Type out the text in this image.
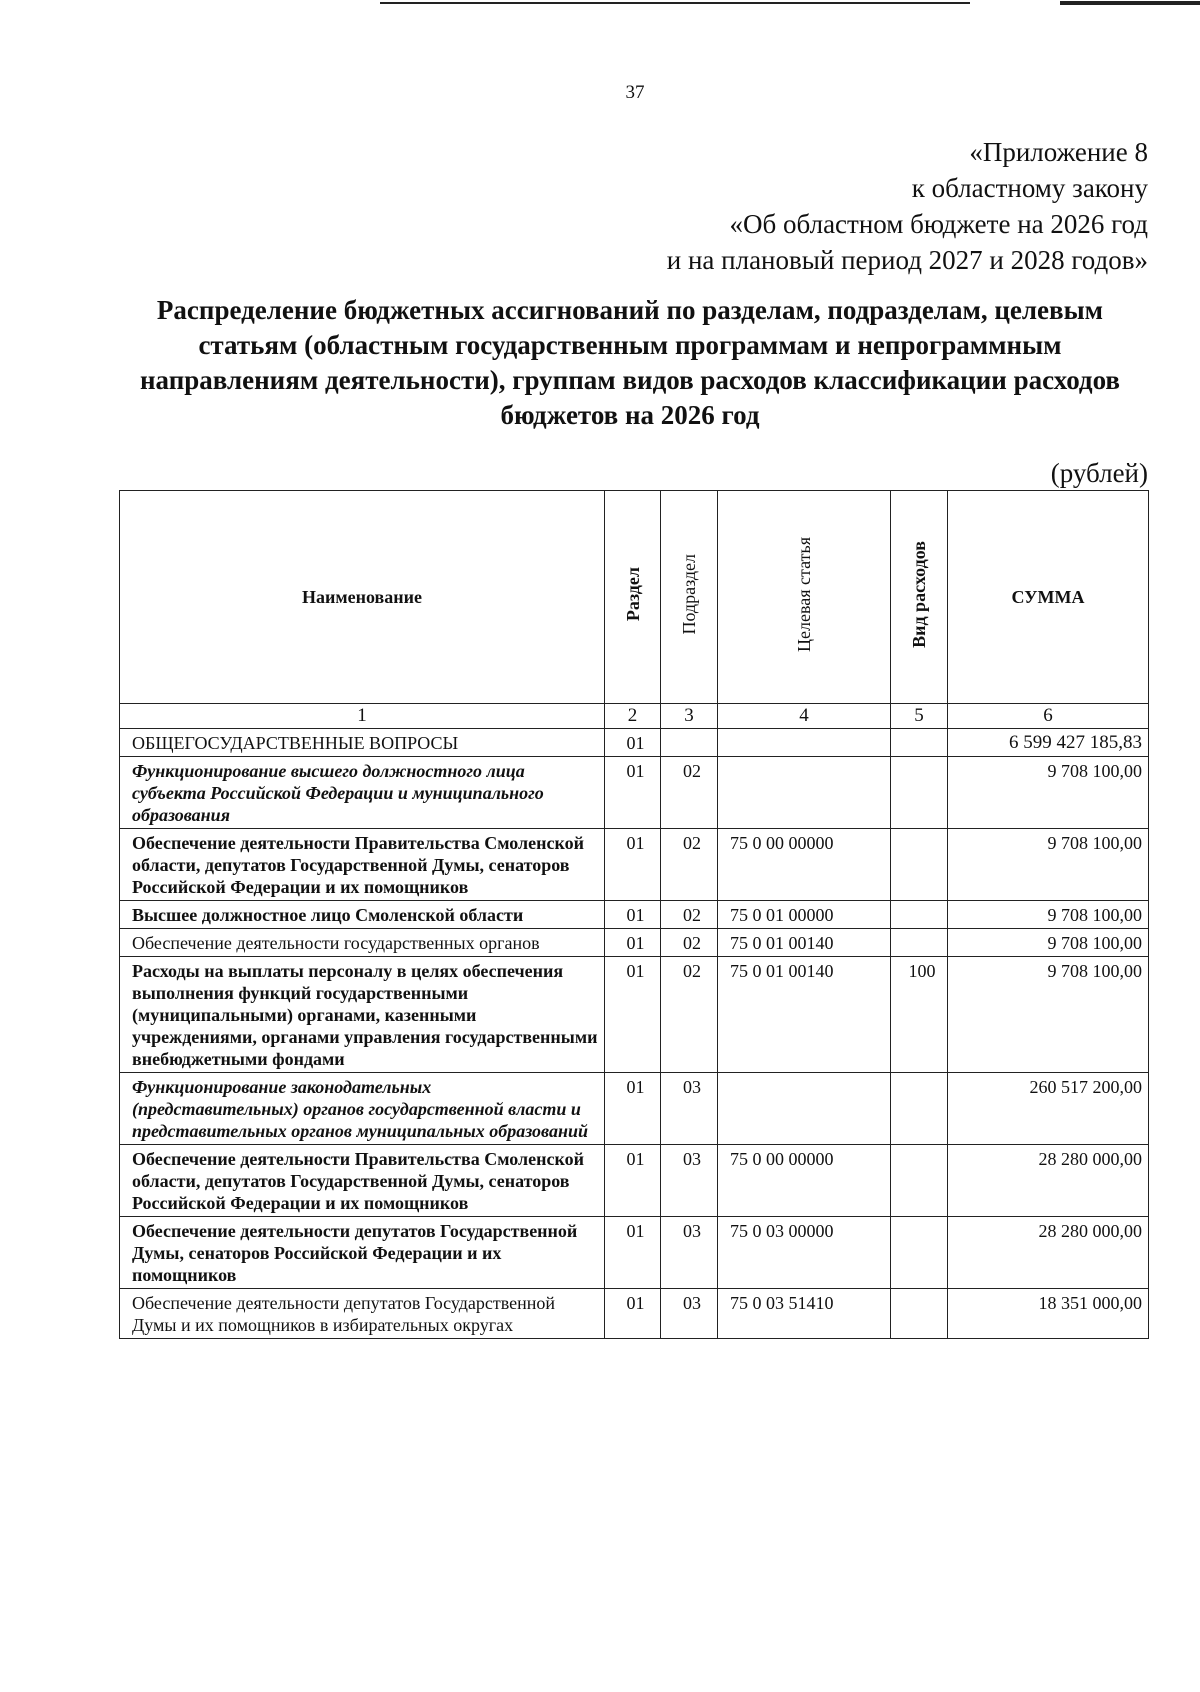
37
«Приложение 8
к областному закону
«Об областном бюджете на 2026 год
и на плановый период 2027 и 2028 годов»
Распределение бюджетных ассигнований по разделам, подразделам, целевым статьям (областным государственным программам и непрограммным направлениям деятельности), группам видов расходов классификации расходов бюджетов на 2026 год
(рублей)
Наименование	Раздел	Подраздел	Целевая статья	Вид расходов	СУММА
1	2	3	4	5	6
ОБЩЕГОСУДАРСТВЕННЫЕ ВОПРОСЫ	01				6 599 427 185,83
Функционирование высшего должностного лица субъекта Российской Федерации и муниципального образования	01	02			9 708 100,00
Обеспечение деятельности Правительства Смоленской области, депутатов Государственной Думы, сенаторов Российской Федерации и их помощников	01	02	75 0 00 00000		9 708 100,00
Высшее должностное лицо Смоленской области	01	02	75 0 01 00000		9 708 100,00
Обеспечение деятельности государственных органов	01	02	75 0 01 00140		9 708 100,00
Расходы на выплаты персоналу в целях обеспечения выполнения функций государственными (муниципальными) органами, казенными учреждениями, органами управления государственными внебюджетными фондами	01	02	75 0 01 00140	100	9 708 100,00
Функционирование законодательных (представительных) органов государственной власти и представительных органов муниципальных образований	01	03			260 517 200,00
Обеспечение деятельности Правительства Смоленской области, депутатов Государственной Думы, сенаторов Российской Федерации и их помощников	01	03	75 0 00 00000		28 280 000,00
Обеспечение деятельности депутатов Государственной Думы, сенаторов Российской Федерации и их помощников	01	03	75 0 03 00000		28 280 000,00
Обеспечение деятельности депутатов Государственной Думы и их помощников в избирательных округах	01	03	75 0 03 51410		18 351 000,00
